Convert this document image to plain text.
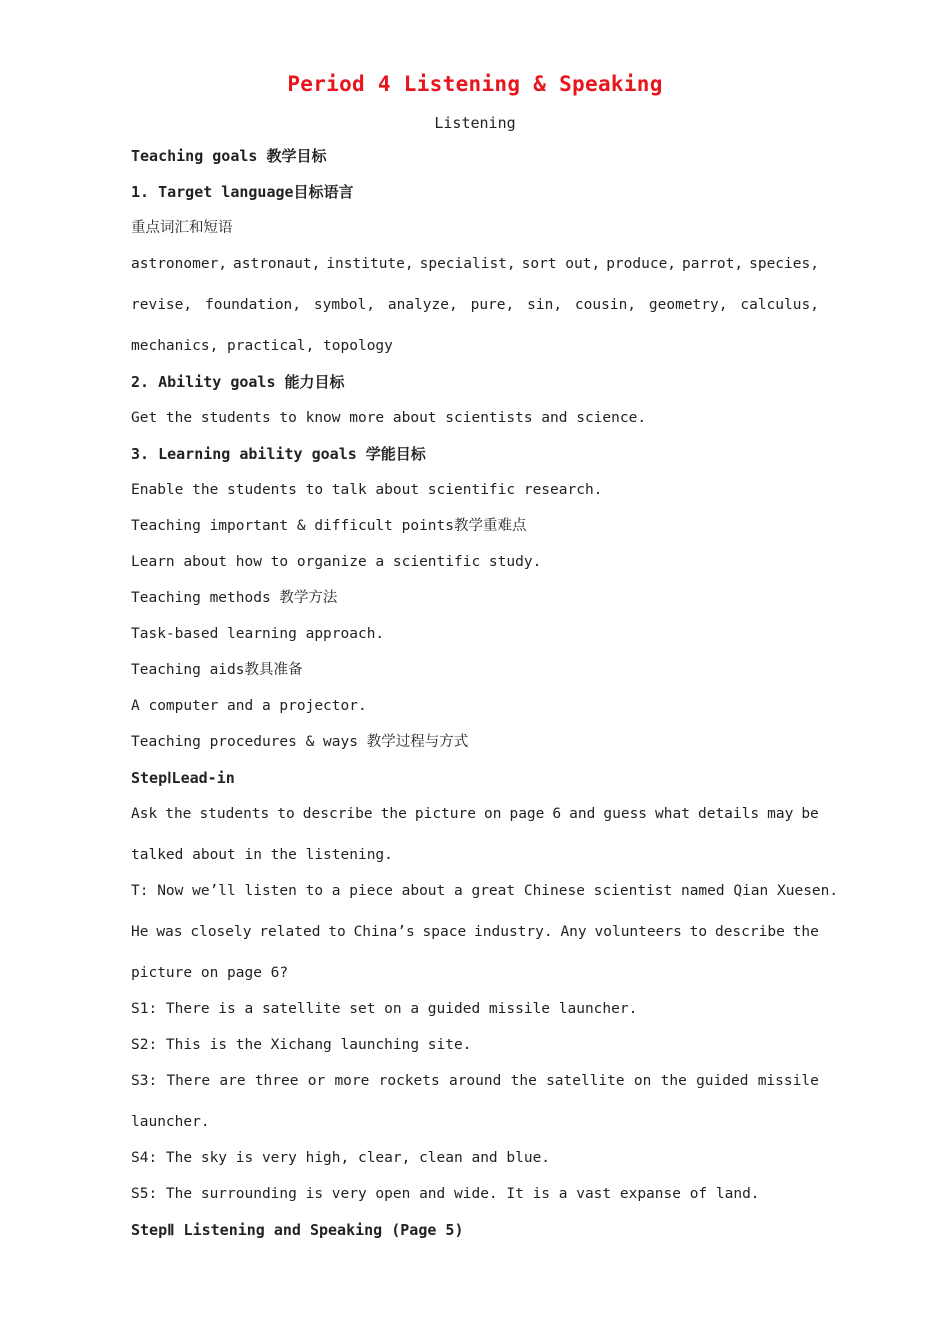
Period 4 Listening & Speaking
Listening
Teaching goals 教学目标
1. Target language目标语言
重点词汇和短语
astronomer, astronaut, institute, specialist, sort out, produce, parrot, species,
revise, foundation, symbol, analyze, pure, sin, cousin, geometry, calculus,
mechanics, practical, topology
2. Ability goals 能力目标
Get the students to know more about scientists and science.
3. Learning ability goals 学能目标
Enable the students to talk about scientific research.
Teaching important & difficult points教学重难点
Learn about how to organize a scientific study.
Teaching methods 教学方法
Task-based learning approach.
Teaching aids教具准备
A computer and a projector.
Teaching procedures & ways 教学过程与方式
StepⅠLead-in
Ask the students to describe the picture on page 6 and guess what details may be
talked about in the listening.
T: Now we’ll listen to a piece about a great Chinese scientist named Qian Xuesen.
He was closely related to China’s space industry. Any volunteers to describe the
picture on page 6?
S1: There is a satellite set on a guided missile launcher.
S2: This is the Xichang launching site.
S3: There are three or more rockets around the satellite on the guided missile
launcher.
S4: The sky is very high, clear, clean and blue.
S5: The surrounding is very open and wide. It is a vast expanse of land.
StepⅡ Listening and Speaking (Page 5)
